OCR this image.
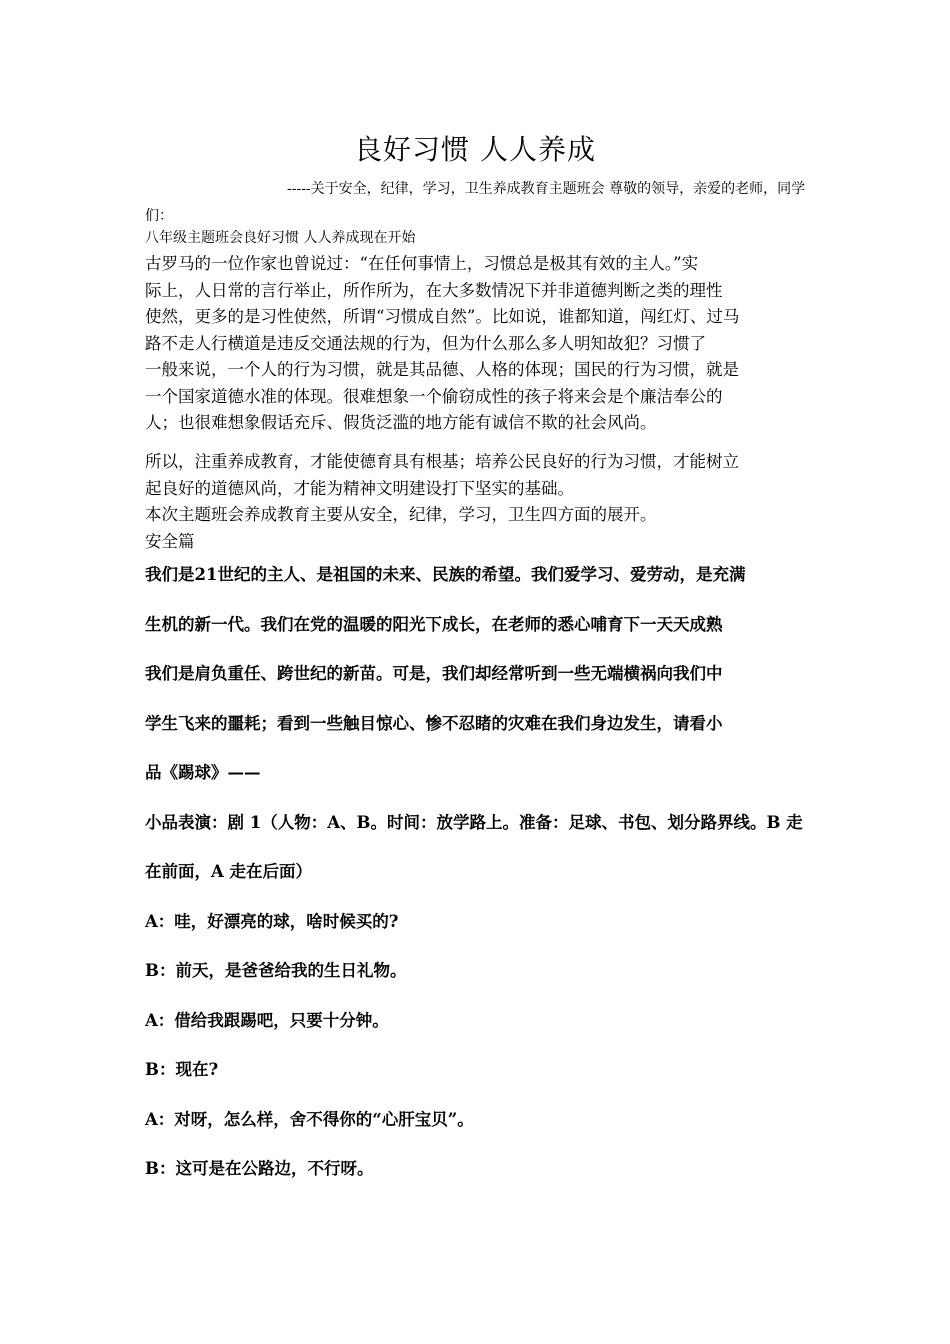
良好习惯 人人养成
-----关于安全，纪律，学习，卫生养成教育主题班会 尊敬的领导，亲爱的老师，同学们：
八年级主题班会良好习惯 人人养成现在开始
古罗马的一位作家也曾说过：“在任何事情上，习惯总是极其有效的主人。”实
际上，人日常的言行举止，所作所为，在大多数情况下并非道德判断之类的理性
使然，更多的是习性使然，所谓“习惯成自然”。比如说，谁都知道，闯红灯、过马
路不走人行横道是违反交通法规的行为，但为什么那么多人明知故犯？习惯了
一般来说，一个人的行为习惯，就是其品德、人格的体现；国民的行为习惯，就是
一个国家道德水准的体现。很难想象一个偷窃成性的孩子将来会是个廉洁奉公的
人；也很难想象假话充斥、假货泛滥的地方能有诚信不欺的社会风尚。
所以，注重养成教育，才能使德育具有根基；培养公民良好的行为习惯，才能树立
起良好的道德风尚，才能为精神文明建设打下坚实的基础。
本次主题班会养成教育主要从安全，纪律，学习，卫生四方面的展开。
安全篇
我们是21世纪的主人、是祖国的未来、民族的希望。我们爱学习、爱劳动，是充满
生机的新一代。我们在党的温暖的阳光下成长，在老师的悉心哺育下一天天成熟
我们是肩负重任、跨世纪的新苗。可是，我们却经常听到一些无端横祸向我们中
学生飞来的噩耗；看到一些触目惊心、惨不忍睹的灾难在我们身边发生，请看小
品《踢球》——
小品表演：剧 1（人物：A、B。时间：放学路上。准备：足球、书包、划分路界线。B 走
在前面，A 走在后面）
A：哇，好漂亮的球，啥时候买的?
B：前天，是爸爸给我的生日礼物。
A：借给我跟踢吧，只要十分钟。
B：现在?
A：对呀，怎么样，舍不得你的“心肝宝贝”。
B：这可是在公路边，不行呀。
